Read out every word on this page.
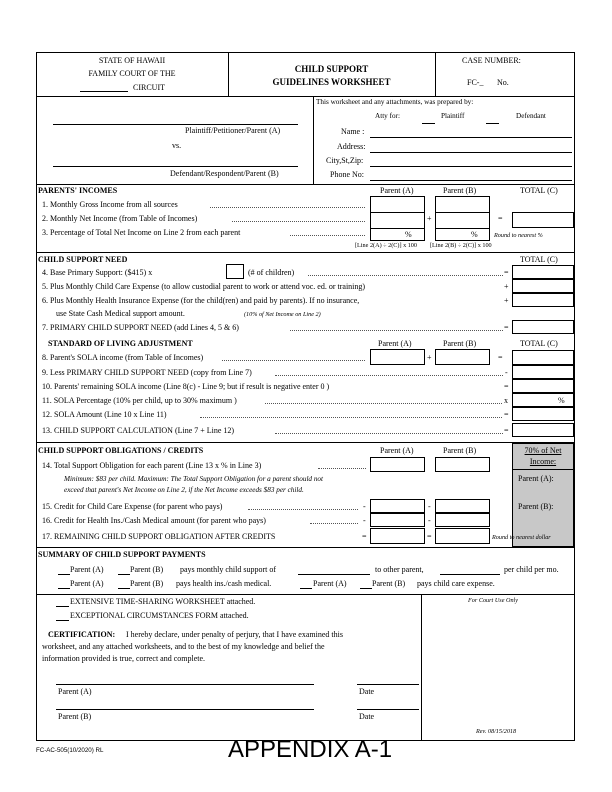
STATE OF HAWAII
FAMILY COURT OF THE
CIRCUIT
CHILD SUPPORT
GUIDELINES WORKSHEET
CASE NUMBER:
FC-_ No.
Plaintiff/Petitioner/Parent (A)
vs.
Defendant/Respondent/Parent (B)
This worksheet and any attachments, was prepared by:
Atty for:	Plaintiff	Defendant
Name :
Address:
City,St,Zip:
Phone No:
PARENTS' INCOMES	Parent (A)	Parent (B)	TOTAL (C)
1. Monthly Gross Income from all sources
2. Monthly Net Income (from Table of Incomes)	+	=
3. Percentage of Total Net Income on Line 2 from each parent	%	%	Round to nearest %
[Line 2(A) ÷ 2(C)] x 100 [Line 2(B) ÷ 2(C)] x 100
CHILD SUPPORT NEED	TOTAL (C)
4. Base Primary Support: ($415) x	(# of children)	=
5. Plus Monthly Child Care Expense (to allow custodial parent to work or attend voc. ed. or training)	+
6. Plus Monthly Health Insurance Expense (for the child(ren) and paid by parents). If no insurance,	+
use State Cash Medical support amount.	(10% of Net Income on Line 2)
7. PRIMARY CHILD SUPPORT NEED (add Lines 4, 5 & 6)	=
STANDARD OF LIVING ADJUSTMENT	Parent (A)	Parent (B)	TOTAL (C)
8. Parent's SOLA income (from Table of Incomes)	+	=
9. Less PRIMARY CHILD SUPPORT NEED (copy from Line 7)	-
10. Parents' remaining SOLA income (Line 8(c) - Line 9; but if result is negative enter 0 )	=
11. SOLA Percentage (10% per child, up to 30% maximum )	x	%
12. SOLA Amount (Line 10 x Line 11)	=
13. CHILD SUPPORT CALCULATION (Line 7 + Line 12)	=
CHILD SUPPORT OBLIGATIONS / CREDITS	Parent (A)	Parent (B)	70% of Net
Income:
Parent (A):
Parent (B):
14. Total Support Obligation for each parent (Line 13 x % in Line 3)
Minimum: $83 per child. Maximum: The Total Support Obligation for a parent should not
exceed that parent's Net Income on Line 2, if the Net Income exceeds $83 per child.
15. Credit for Child Care Expense (for parent who pays)	-	-
16. Credit for Health Ins./Cash Medical amount (for parent who pays)	-	-
17. REMAINING CHILD SUPPORT OBLIGATION AFTER CREDITS	=	=	Round to nearest dollar
SUMMARY OF CHILD SUPPORT PAYMENTS
Parent (A)	Parent (B) pays monthly child support of	to other parent,	per child per mo.
Parent (A)	Parent (B) pays health ins./cash medical.	Parent (A)	Parent (B) pays child care expense.
For Court Use Only
EXTENSIVE TIME-SHARING WORKSHEET attached.
EXCEPTIONAL CIRCUMSTANCES FORM attached.
CERTIFICATION: I hereby declare, under penalty of perjury, that I have examined this
worksheet, and any attached worksheets, and to the best of my knowledge and belief the
information provided is true, correct and complete.
Parent (A)	Date
Parent (B)	Date
Rev. 08/15/2018
FC-AC-505(10/2020) RL	APPENDIX A-1
